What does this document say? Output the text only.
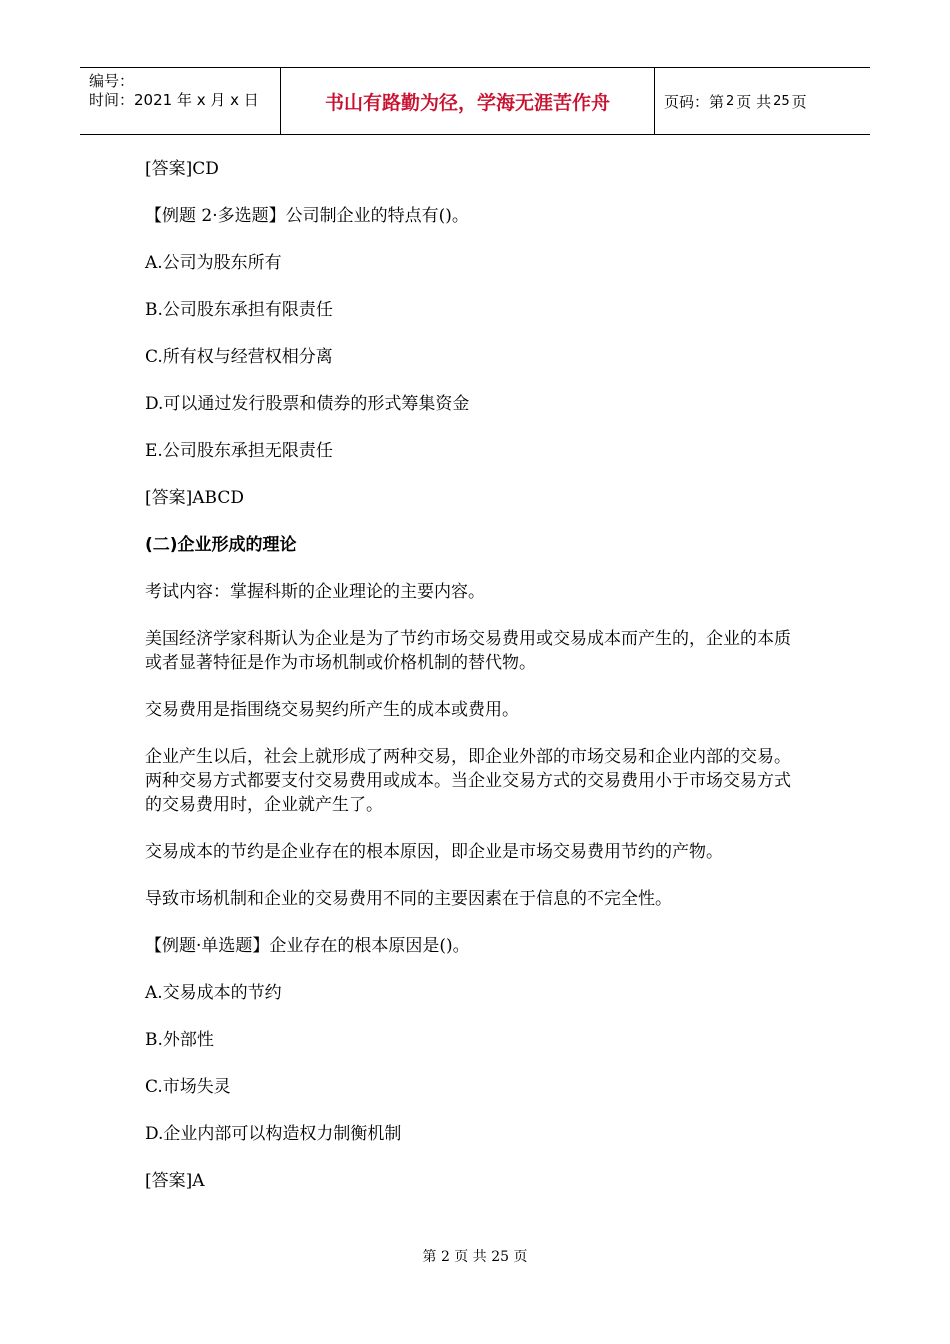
编号：
时间：2021 年 x 月 x 日	书山有路勤为径，学海无涯苦作舟	页码：第 2 页 共 25 页

[答案]CD

【例题 2·多选题】公司制企业的特点有()。

A.公司为股东所有

B.公司股东承担有限责任

C.所有权与经营权相分离

D.可以通过发行股票和债券的形式筹集资金

E.公司股东承担无限责任

[答案]ABCD

(二)企业形成的理论

考试内容：掌握科斯的企业理论的主要内容。

美国经济学家科斯认为企业是为了节约市场交易费用或交易成本而产生的，企业的本质或者显著特征是作为市场机制或价格机制的替代物。

交易费用是指围绕交易契约所产生的成本或费用。

企业产生以后，社会上就形成了两种交易，即企业外部的市场交易和企业内部的交易。两种交易方式都要支付交易费用或成本。当企业交易方式的交易费用小于市场交易方式的交易费用时，企业就产生了。

交易成本的节约是企业存在的根本原因，即企业是市场交易费用节约的产物。

导致市场机制和企业的交易费用不同的主要因素在于信息的不完全性。

【例题·单选题】企业存在的根本原因是()。

A.交易成本的节约

B.外部性

C.市场失灵

D.企业内部可以构造权力制衡机制

[答案]A

第 2 页 共 25 页
